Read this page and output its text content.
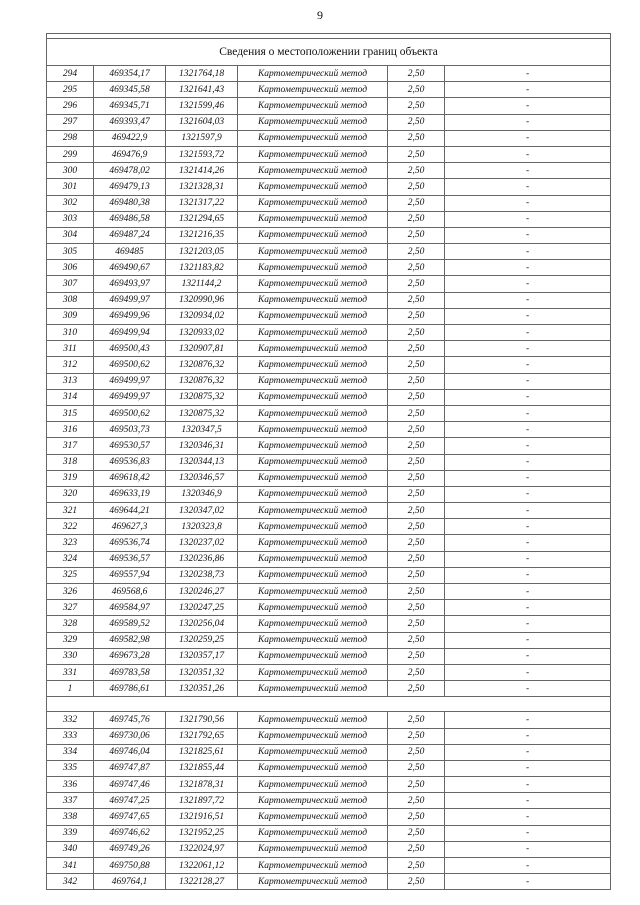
9

Сведения о местоположении границ объекта					
294	469354,17	1321764,18	Картометрический метод	2,50	-
295	469345,58	1321641,43	Картометрический метод	2,50	-
296	469345,71	1321599,46	Картометрический метод	2,50	-
297	469393,47	1321604,03	Картометрический метод	2,50	-
298	469422,9	1321597,9	Картометрический метод	2,50	-
299	469476,9	1321593,72	Картометрический метод	2,50	-
300	469478,02	1321414,26	Картометрический метод	2,50	-
301	469479,13	1321328,31	Картометрический метод	2,50	-
302	469480,38	1321317,22	Картометрический метод	2,50	-
303	469486,58	1321294,65	Картометрический метод	2,50	-
304	469487,24	1321216,35	Картометрический метод	2,50	-
305	469485	1321203,05	Картометрический метод	2,50	-
306	469490,67	1321183,82	Картометрический метод	2,50	-
307	469493,97	1321144,2	Картометрический метод	2,50	-
308	469499,97	1320990,96	Картометрический метод	2,50	-
309	469499,96	1320934,02	Картометрический метод	2,50	-
310	469499,94	1320933,02	Картометрический метод	2,50	-
311	469500,43	1320907,81	Картометрический метод	2,50	-
312	469500,62	1320876,32	Картометрический метод	2,50	-
313	469499,97	1320876,32	Картометрический метод	2,50	-
314	469499,97	1320875,32	Картометрический метод	2,50	-
315	469500,62	1320875,32	Картометрический метод	2,50	-
316	469503,73	1320347,5	Картометрический метод	2,50	-
317	469530,57	1320346,31	Картометрический метод	2,50	-
318	469536,83	1320344,13	Картометрический метод	2,50	-
319	469618,42	1320346,57	Картометрический метод	2,50	-
320	469633,19	1320346,9	Картометрический метод	2,50	-
321	469644,21	1320347,02	Картометрический метод	2,50	-
322	469627,3	1320323,8	Картометрический метод	2,50	-
323	469536,74	1320237,02	Картометрический метод	2,50	-
324	469536,57	1320236,86	Картометрический метод	2,50	-
325	469557,94	1320238,73	Картометрический метод	2,50	-
326	469568,6	1320246,27	Картометрический метод	2,50	-
327	469584,97	1320247,25	Картометрический метод	2,50	-
328	469589,52	1320256,04	Картометрический метод	2,50	-
329	469582,98	1320259,25	Картометрический метод	2,50	-
330	469673,28	1320357,17	Картометрический метод	2,50	-
331	469783,58	1320351,32	Картометрический метод	2,50	-
1	469786,61	1320351,26	Картометрический метод	2,50	-

332	469745,76	1321790,56	Картометрический метод	2,50	-
333	469730,06	1321792,65	Картометрический метод	2,50	-
334	469746,04	1321825,61	Картометрический метод	2,50	-
335	469747,87	1321855,44	Картометрический метод	2,50	-
336	469747,46	1321878,31	Картометрический метод	2,50	-
337	469747,25	1321897,72	Картометрический метод	2,50	-
338	469747,65	1321916,51	Картометрический метод	2,50	-
339	469746,62	1321952,25	Картометрический метод	2,50	-
340	469749,26	1322024,97	Картометрический метод	2,50	-
341	469750,88	1322061,12	Картометрический метод	2,50	-
342	469764,1	1322128,27	Картометрический метод	2,50	-
